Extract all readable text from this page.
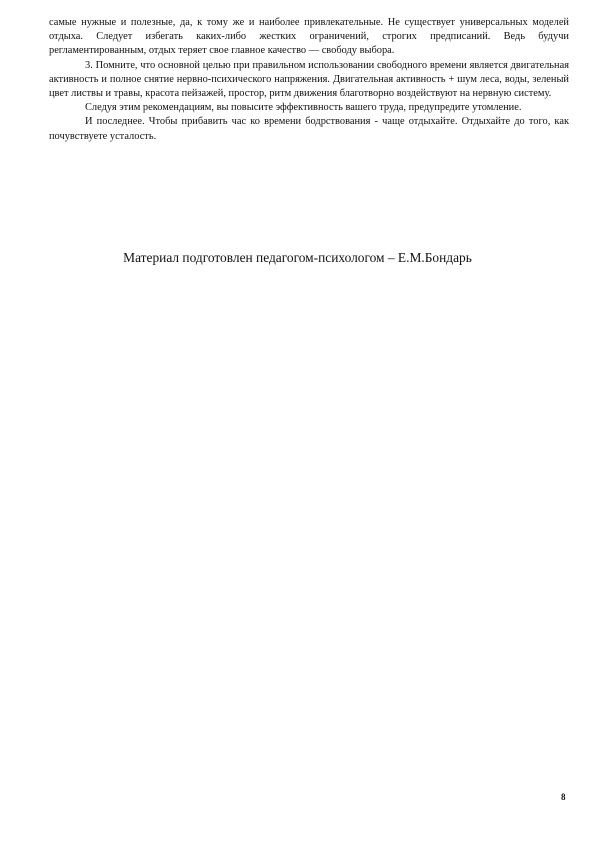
самые нужные и полезные, да, к тому же и наиболее привлекательные. Не существует универсальных моделей отдыха. Следует избегать каких-либо жестких ограничений, строгих предписаний. Ведь будучи регламентированным, отдых теряет свое главное качество — свободу выбора.

3. Помните, что основной целью при правильном использовании свободного времени является двигательная активность и полное снятие нервно-психического напряжения. Двигательная активность + шум леса, воды, зеленый цвет листвы и травы, красота пейзажей, простор, ритм движения благотворно воздействуют на нервную систему.

Следуя этим рекомендациям, вы повысите эффективность вашего труда, предупредите утомление.

И последнее. Чтобы прибавить час ко времени бодрствования - чаще отдыхайте. Отдыхайте до того, как почувствуете усталость.

Материал подготовлен педагогом-психологом – Е.М.Бондарь
8
